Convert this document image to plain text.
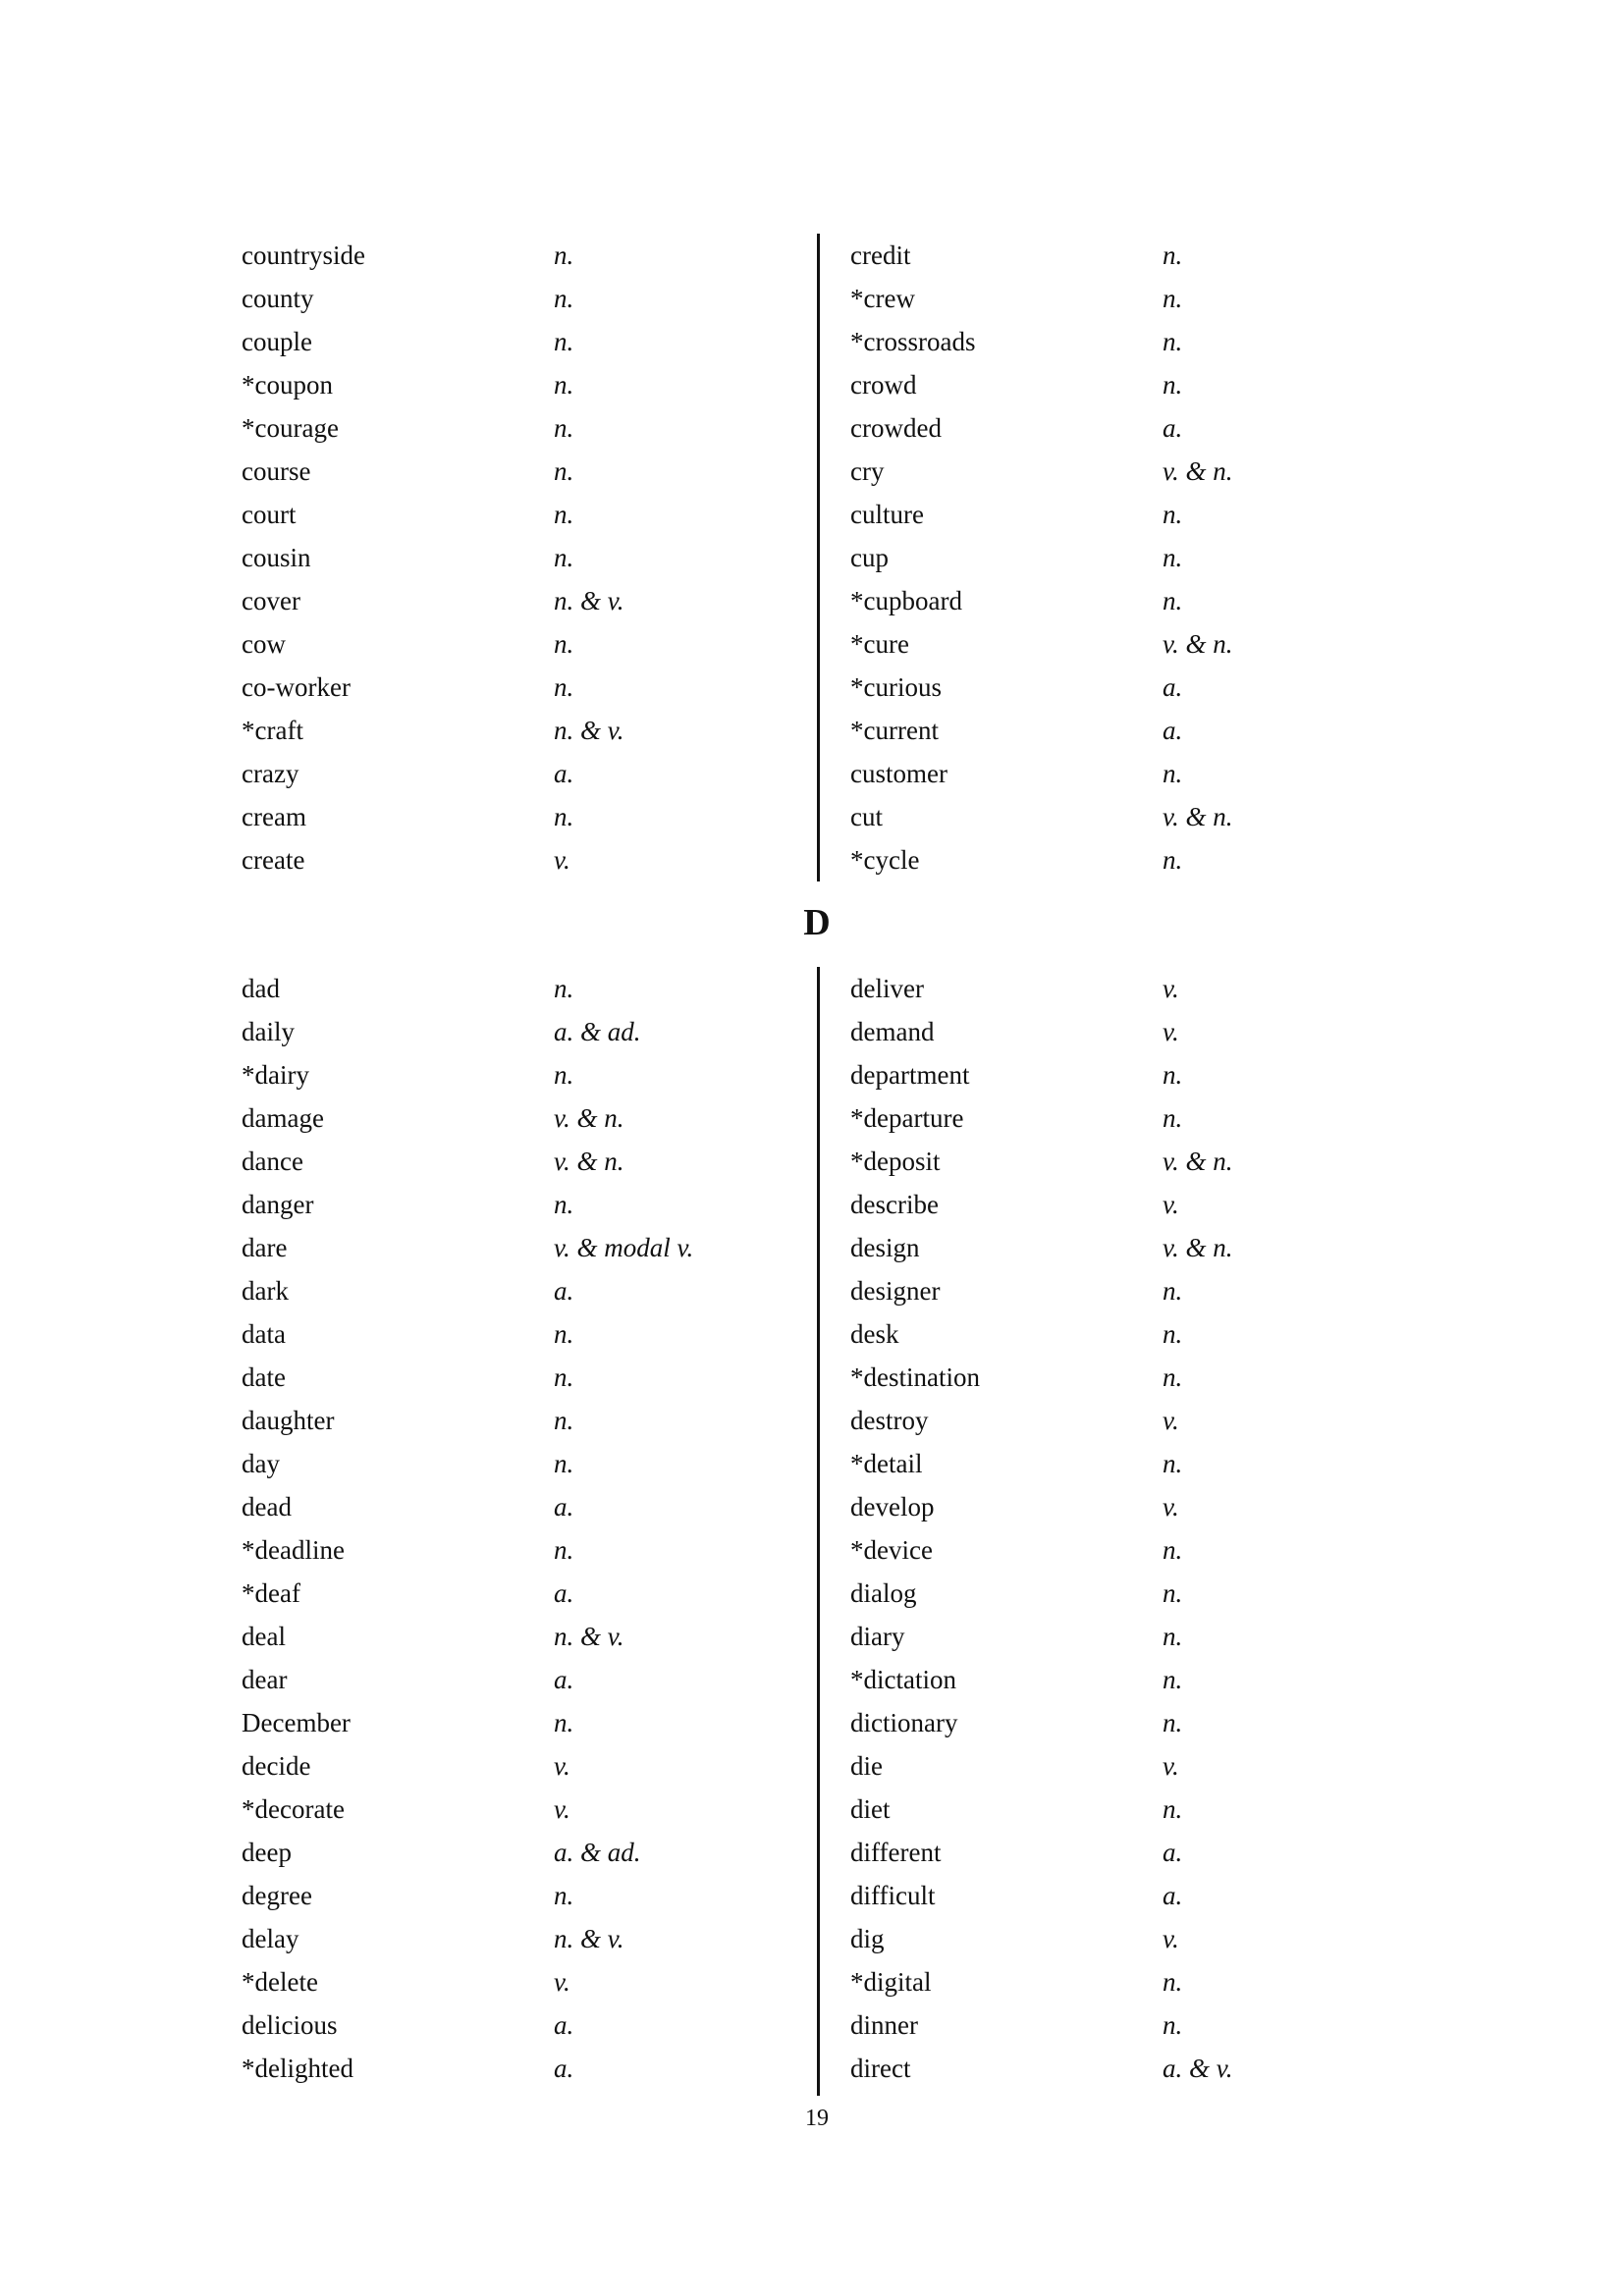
countryside	n.
county	n.
couple	n.
*coupon	n.
*courage	n.
course	n.
court	n.
cousin	n.
cover	n. & v.
cow	n.
co-worker	n.
*craft	n. & v.
crazy	a.
cream	n.
create	v.
credit	n.
*crew	n.
*crossroads	n.
crowd	n.
crowded	a.
cry	v. & n.
culture	n.
cup	n.
*cupboard	n.
*cure	v. & n.
*curious	a.
*current	a.
customer	n.
cut	v. & n.
*cycle	n.
D
dad	n.
daily	a. & ad.
*dairy	n.
damage	v. & n.
dance	v. & n.
danger	n.
dare	v. & modal v.
dark	a.
data	n.
date	n.
daughter	n.
day	n.
dead	a.
*deadline	n.
*deaf	a.
deal	n. & v.
dear	a.
December	n.
decide	v.
*decorate	v.
deep	a. & ad.
degree	n.
delay	n. & v.
*delete	v.
delicious	a.
*delighted	a.
deliver	v.
demand	v.
department	n.
*departure	n.
*deposit	v. & n.
describe	v.
design	v. & n.
designer	n.
desk	n.
*destination	n.
destroy	v.
*detail	n.
develop	v.
*device	n.
dialog	n.
diary	n.
*dictation	n.
dictionary	n.
die	v.
diet	n.
different	a.
difficult	a.
dig	v.
*digital	n.
dinner	n.
direct	a. & v.
19
